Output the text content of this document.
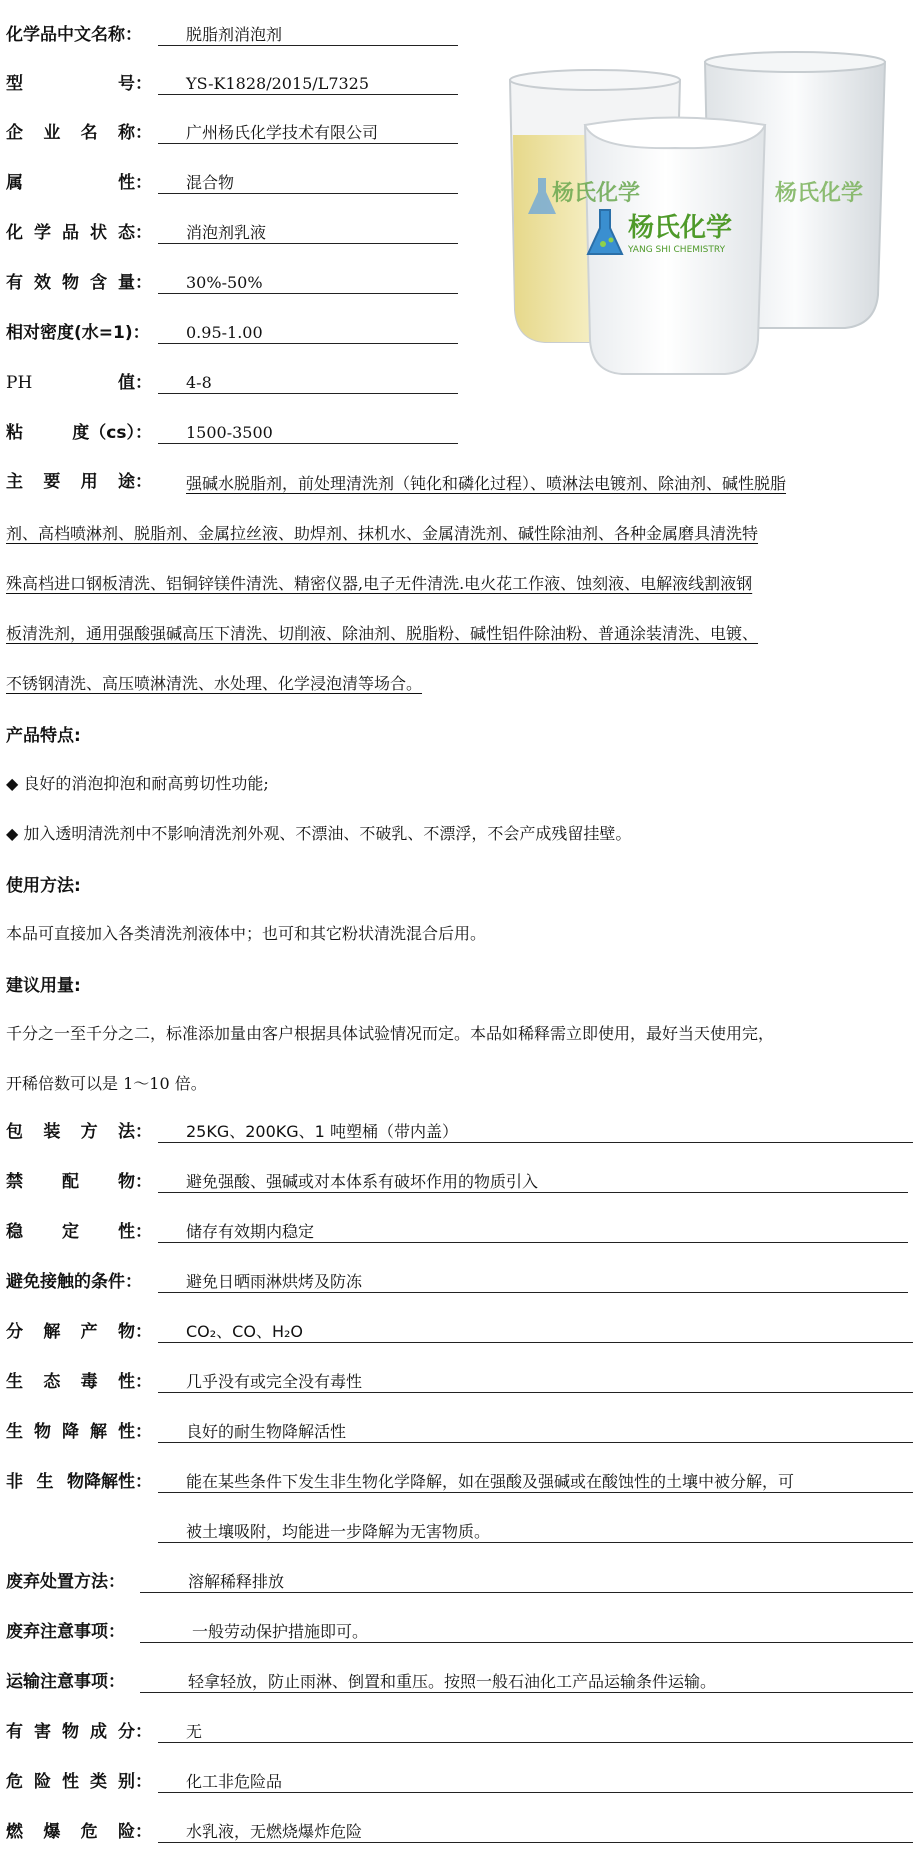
化学品中文名称：	脱脂剂消泡剂
型	号：	YS-K1828/2015/L7325
企 业 名 称：	广州杨氏化学技术有限公司
属	性：	混合物
化 学 品 状 态：	消泡剂乳液
有 效 物 含 量：	30%-50%
相对密度(水=1)：	0.95-1.00
PH	值：	4-8
粘	度（cs）：	1500-3500
杨氏化学
YANG SHI CHEMISTRY
杨氏化学	杨氏化学
主 要 用 途：	强碱水脱脂剂，前处理清洗剂（钝化和磷化过程）、喷淋法电镀剂、除油剂、碱性脱脂
剂、高档喷淋剂、脱脂剂、金属拉丝液、助焊剂、抹机水、金属清洗剂、碱性除油剂、各种金属磨具清洗特
殊高档进口钢板清洗、铝铜锌镁件清洗、精密仪器,电子无件清洗.电火花工作液、蚀刻液、电解液线割液钢
板清洗剂，通用强酸强碱高压下清洗、切削液、除油剂、脱脂粉、碱性铝件除油粉、普通涂装清洗、电镀、
不锈钢清洗、高压喷淋清洗、水处理、化学浸泡清等场合。
产品特点:
◆ 良好的消泡抑泡和耐高剪切性功能;
◆ 加入透明清洗剂中不影响清洗剂外观、不漂油、不破乳、不漂浮，不会产成残留挂壁。
使用方法:
本品可直接加入各类清洗剂液体中；也可和其它粉状清洗混合后用。
建议用量:
千分之一至千分之二，标准添加量由客户根据具体试验情况而定。本品如稀释需立即使用，最好当天使用完，
开稀倍数可以是 1～10 倍。
包 装 方 法：	25KG、200KG、1 吨塑桶（带内盖）
禁 配 物：	避免强酸、强碱或对本体系有破坏作用的物质引入
稳 定 性：	储存有效期内稳定
避免接触的条件：	避免日晒雨淋烘烤及防冻
分 解 产 物：	CO₂、CO、H₂O
生 态 毒 性：	几乎没有或完全没有毒性
生 物 降 解 性：	良好的耐生物降解活性
非 生 物降解性：	能在某些条件下发生非生物化学降解，如在强酸及强碱或在酸蚀性的土壤中被分解，可
被土壤吸附，均能进一步降解为无害物质。
废弃处置方法：	溶解稀释排放
废弃注意事项：	一般劳动保护措施即可。
运输注意事项：	轻拿轻放，防止雨淋、倒置和重压。按照一般石油化工产品运输条件运输。
有 害 物 成 分：	无
危 险 性 类 别：	化工非危险品
燃 爆 危 险：	水乳液，无燃烧爆炸危险
